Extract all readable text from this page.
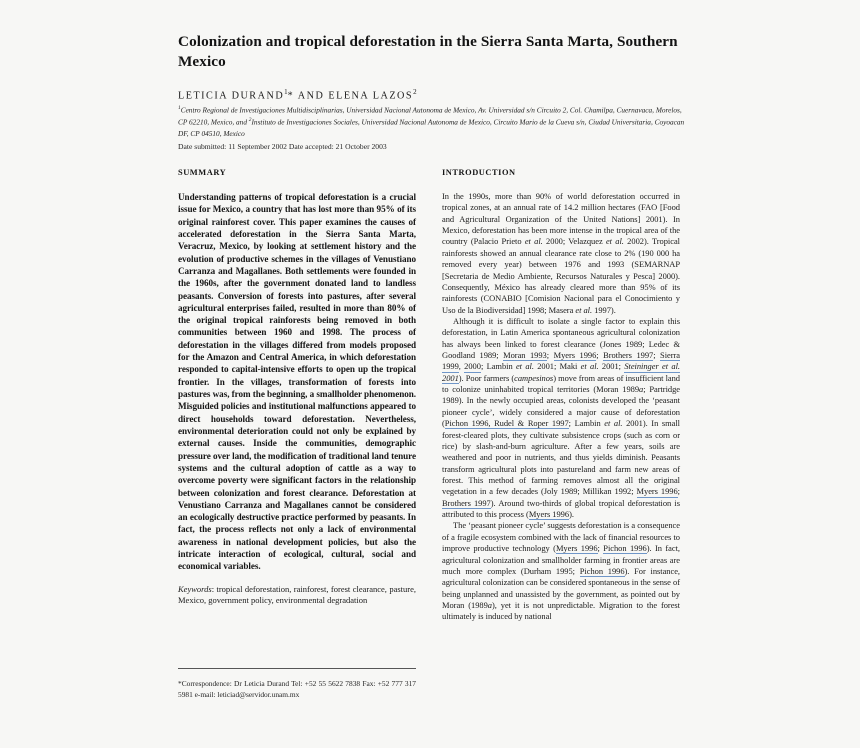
Colonization and tropical deforestation in the Sierra Santa Marta, Southern Mexico
LETICIA DURAND$^1$* AND ELENA LAZOS$^2$
$^1$Centro Regional de Investigaciones Multidisciplinarias, Universidad Nacional Autonoma de Mexico, Av. Universidad s/n Circuito 2, Col. Chamilpa, Cuernavaca, Morelos, CP 62210, Mexico, and $^2$Instituto de Investigaciones Sociales, Universidad Nacional Autonoma de Mexico, Circuito Mario de la Cueva s/n, Ciudad Universitaria, Coyoacan DF, CP 04510, Mexico
Date submitted: 11 September 2002 Date accepted: 21 October 2003
SUMMARY

Understanding patterns of tropical deforestation is a crucial issue for Mexico, a country that has lost more than 95% of its original rainforest cover. This paper examines the causes of accelerated deforestation in the Sierra Santa Marta, Veracruz, Mexico, by looking at settlement history and the evolution of productive schemes in the villages of Venustiano Carranza and Magallanes. Both settlements were founded in the 1960s, after the government donated land to landless peasants. Conversion of forests into pastures, after several agricultural enterprises failed, resulted in more than 80% of the original tropical rainforests being removed in both communities between 1960 and 1998. The process of deforestation in the villages differed from models proposed for the Amazon and Central America, in which deforestation responded to capital-intensive efforts to open up the tropical frontier. In the villages, transformation of forests into pastures was, from the beginning, a smallholder phenomenon. Misguided policies and institutional malfunctions appeared to direct households toward deforestation. Nevertheless, environmental deterioration could not only be explained by external causes. Inside the communities, demographic pressure over land, the modification of traditional land tenure systems and the cultural adoption of cattle as a way to overcome poverty were significant factors in the relationship between colonization and forest clearance. Deforestation at Venustiano Carranza and Magallanes cannot be considered an ecologically destructive practice performed by peasants. In fact, the process reflects not only a lack of environmental awareness in national development policies, but also the intricate interaction of ecological, cultural, social and economical variables.

Keywords: tropical deforestation, rainforest, forest clearance, pasture, Mexico, government policy, environmental degradation

INTRODUCTION

In the 1990s, more than 90% of world deforestation occurred in tropical zones, at an annual rate of 14.2 million hectares (FAO [Food and Agricultural Organization of the United Nations] 2001). In Mexico, deforestation has been more intense in the tropical area of the country (Palacio Prieto et al. 2000; Velazquez et al. 2002). Tropical rainforests showed an annual clearance rate close to 2% (190 000 ha removed every year) between 1976 and 1993 (SEMARNAP [Secretaria de Medio Ambiente, Recursos Naturales y Pesca] 2000). Consequently, México has already cleared more than 95% of its rainforests (CONABIO [Comision Nacional para el Conocimiento y Uso de la Biodiversidad] 1998; Masera et al. 1997).

Although it is difficult to isolate a single factor to explain this deforestation, in Latin America spontaneous agricultural colonization has always been linked to forest clearance (Jones 1989; Ledec & Goodland 1989; Moran 1993; Myers 1996; Brothers 1997; Sierra 1999, 2000; Lambin et al. 2001; Maki et al. 2001; Steininger et al. 2001). Poor farmers (campesinos) move from areas of insufficient land to colonize uninhabited tropical territories (Moran 1989a; Partridge 1989). In the newly occupied areas, colonists developed the ‘peasant pioneer cycle’, widely considered a major cause of deforestation (Pichon 1996, Rudel & Roper 1997; Lambin et al. 2001). In small forest-cleared plots, they cultivate subsistence crops (such as corn or rice) by slash-and-burn agriculture. After a few years, soils are weathered and poor in nutrients, and thus yields diminish. Peasants transform agricultural plots into pastureland and farm new areas of forest. This method of farming removes almost all the original vegetation in a few decades (Joly 1989; Millikan 1992; Myers 1996; Brothers 1997). Around two-thirds of global tropical deforestation is attributed to this process (Myers 1996).

The ‘peasant pioneer cycle’ suggests deforestation is a consequence of a fragile ecosystem combined with the lack of financial resources to improve productive technology (Myers 1996; Pichon 1996). In fact, agricultural colonization and smallholder farming in frontier areas are much more complex (Durham 1995; Pichon 1996). For instance, agricultural colonization can be considered spontaneous in the sense of being unplanned and unassisted by the government, as pointed out by Moran (1989a), yet it is not unpredictable. Migration to the forest ultimately is induced by national

*Correspondence: Dr Leticia Durand Tel: +52 55 5622 7838 Fax: +52 777 317 5981 e-mail: leticiad@servidor.unam.mx
